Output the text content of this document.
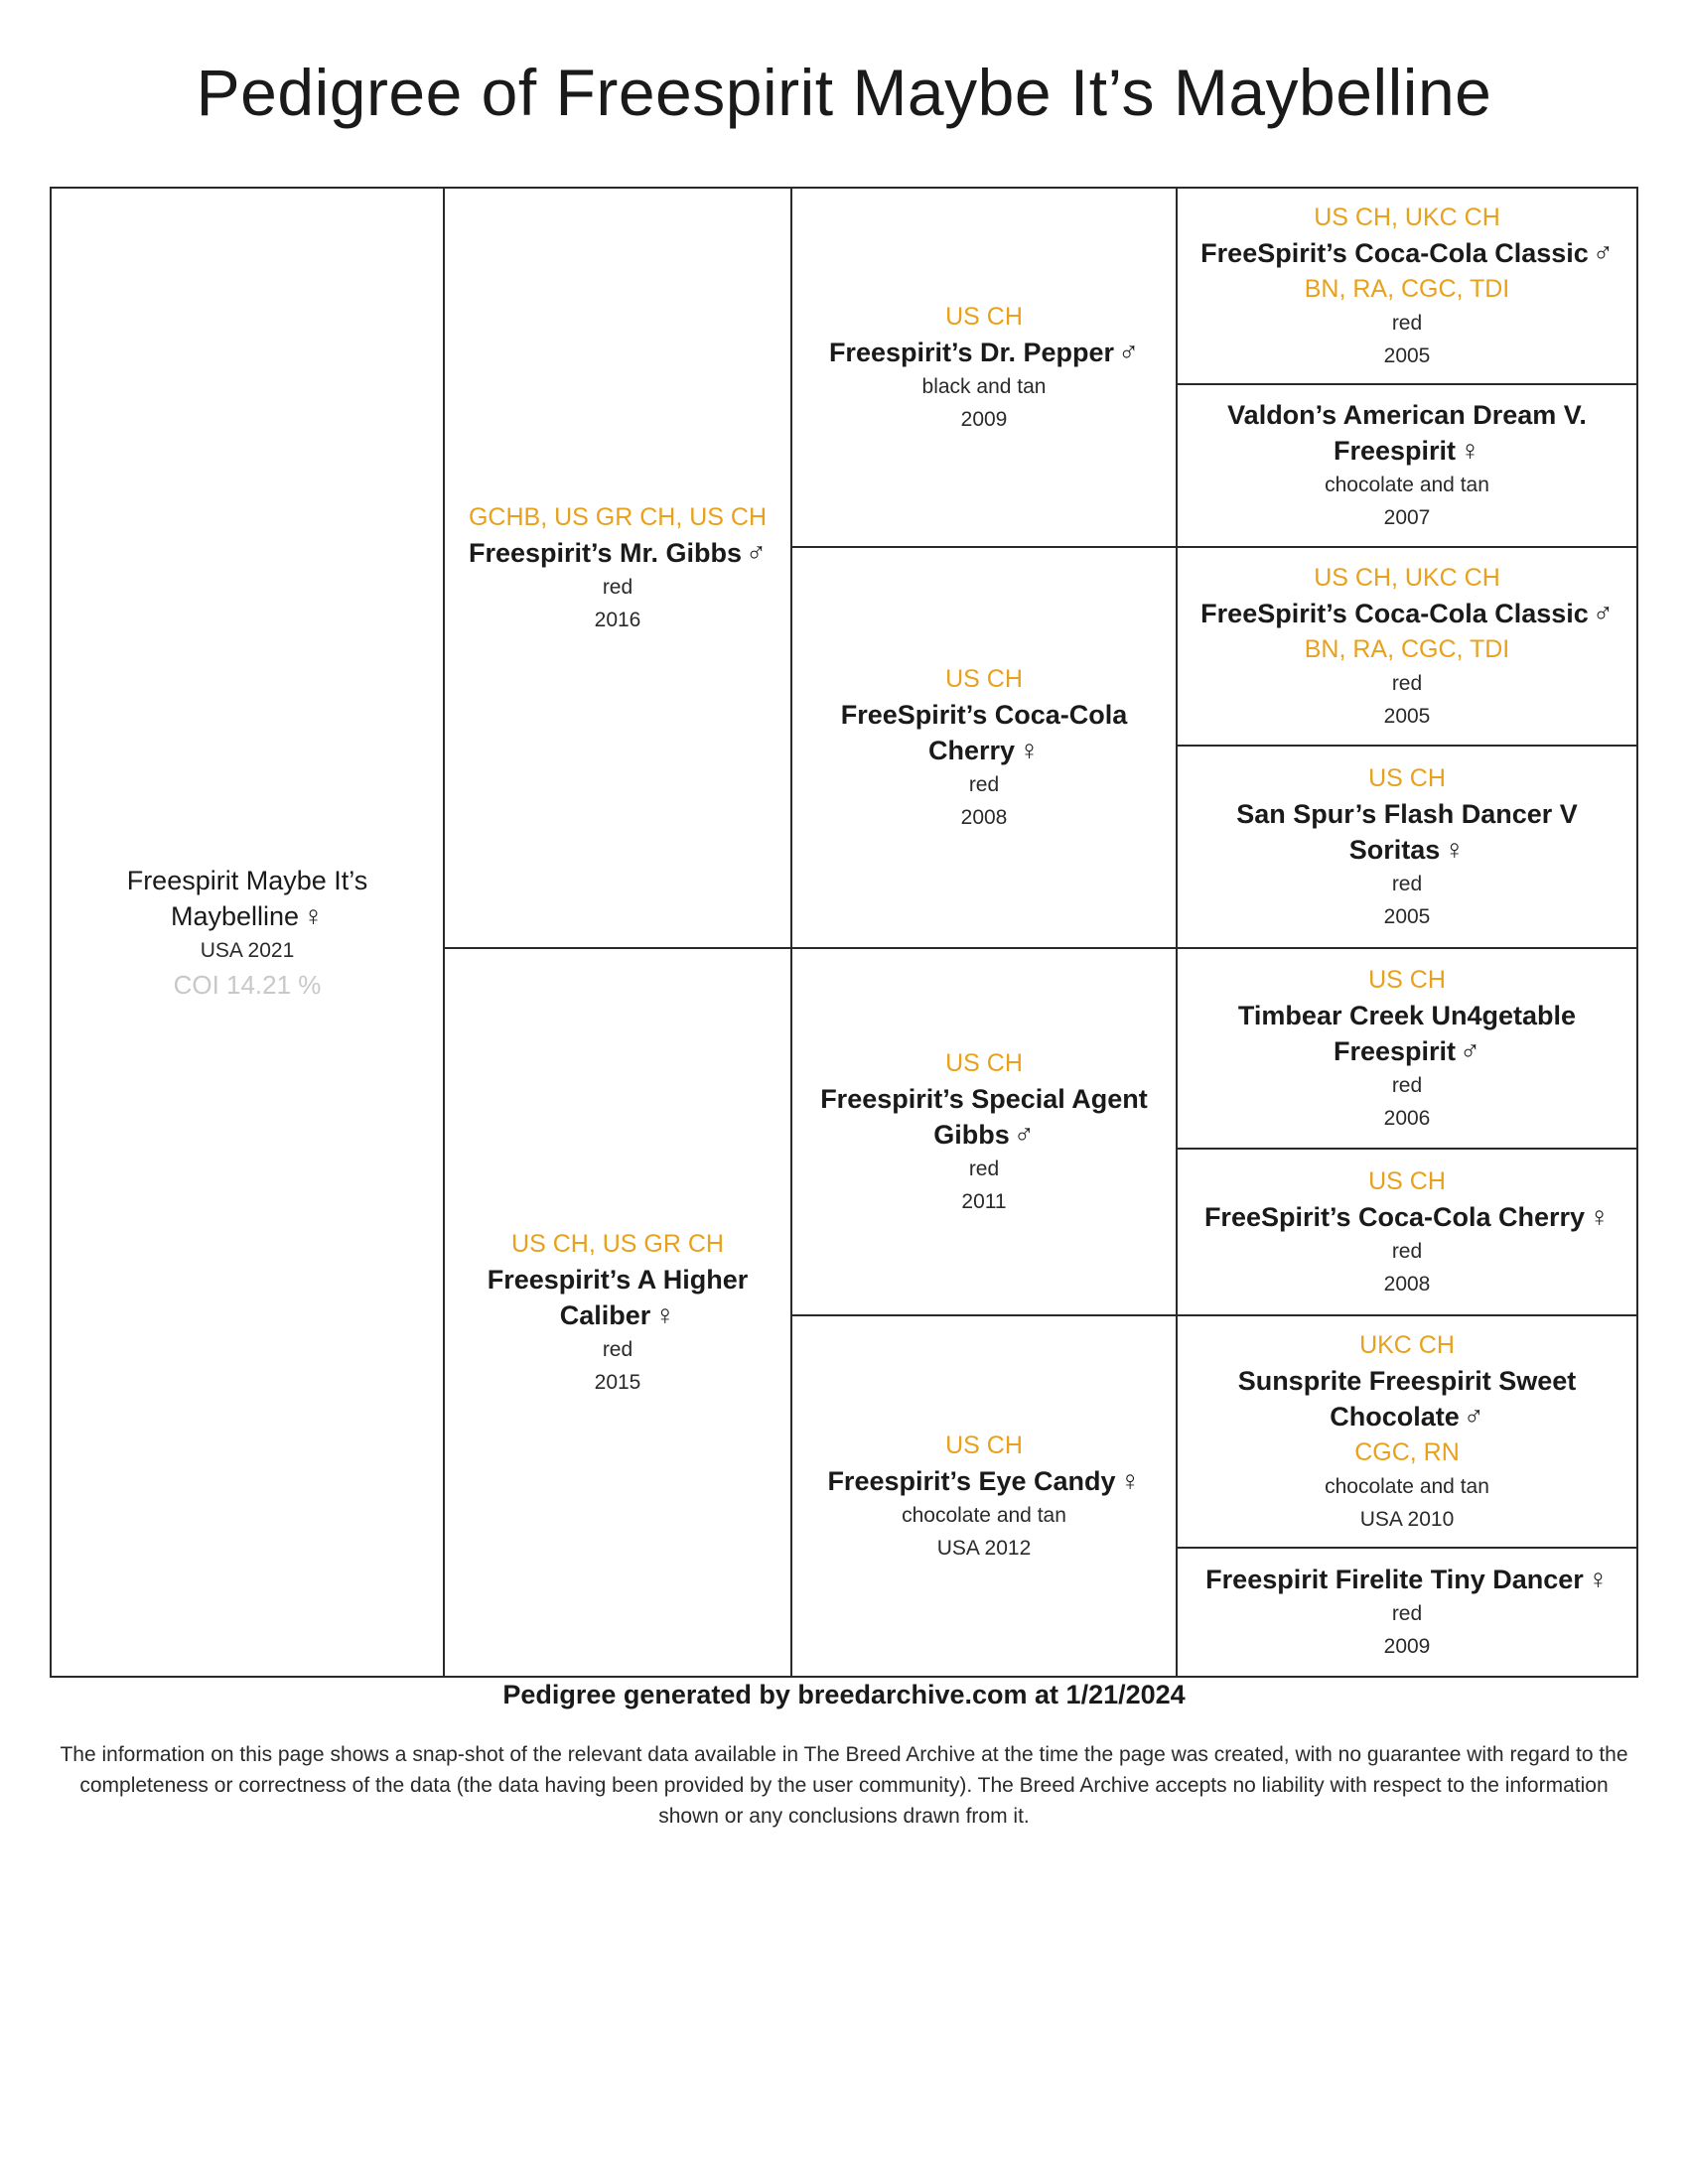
Pedigree of Freespirit Maybe It’s Maybelline
Freespirit Maybe It’s Maybelline ♀
USA 2021
COI 14.21 %
GCHB, US GR CH, US CH
Freespirit’s Mr. Gibbs ♂
red
2016
US CH, US GR CH
Freespirit’s A Higher Caliber ♀
red
2015
US CH
Freespirit’s Dr. Pepper ♂
black and tan
2009
US CH
FreeSpirit’s Coca-Cola Cherry ♀
red
2008
US CH
Freespirit’s Special Agent Gibbs ♂
red
2011
US CH
Freespirit’s Eye Candy ♀
chocolate and tan
USA 2012
US CH, UKC CH
FreeSpirit’s Coca-Cola Classic ♂
BN, RA, CGC, TDI
red
2005
Valdon’s American Dream V. Freespirit ♀
chocolate and tan
2007
US CH, UKC CH
FreeSpirit’s Coca-Cola Classic ♂
BN, RA, CGC, TDI
red
2005
US CH
San Spur’s Flash Dancer V Soritas ♀
red
2005
US CH
Timbear Creek Un4getable Freespirit ♂
red
2006
US CH
FreeSpirit’s Coca-Cola Cherry ♀
red
2008
UKC CH
Sunsprite Freespirit Sweet Chocolate ♂
CGC, RN
chocolate and tan
USA 2010
Freespirit Firelite Tiny Dancer ♀
red
2009
Pedigree generated by breedarchive.com at 1/21/2024
The information on this page shows a snap-shot of the relevant data available in The Breed Archive at the time the page was created, with no guarantee with regard to the completeness or correctness of the data (the data having been provided by the user community). The Breed Archive accepts no liability with respect to the information shown or any conclusions drawn from it.
